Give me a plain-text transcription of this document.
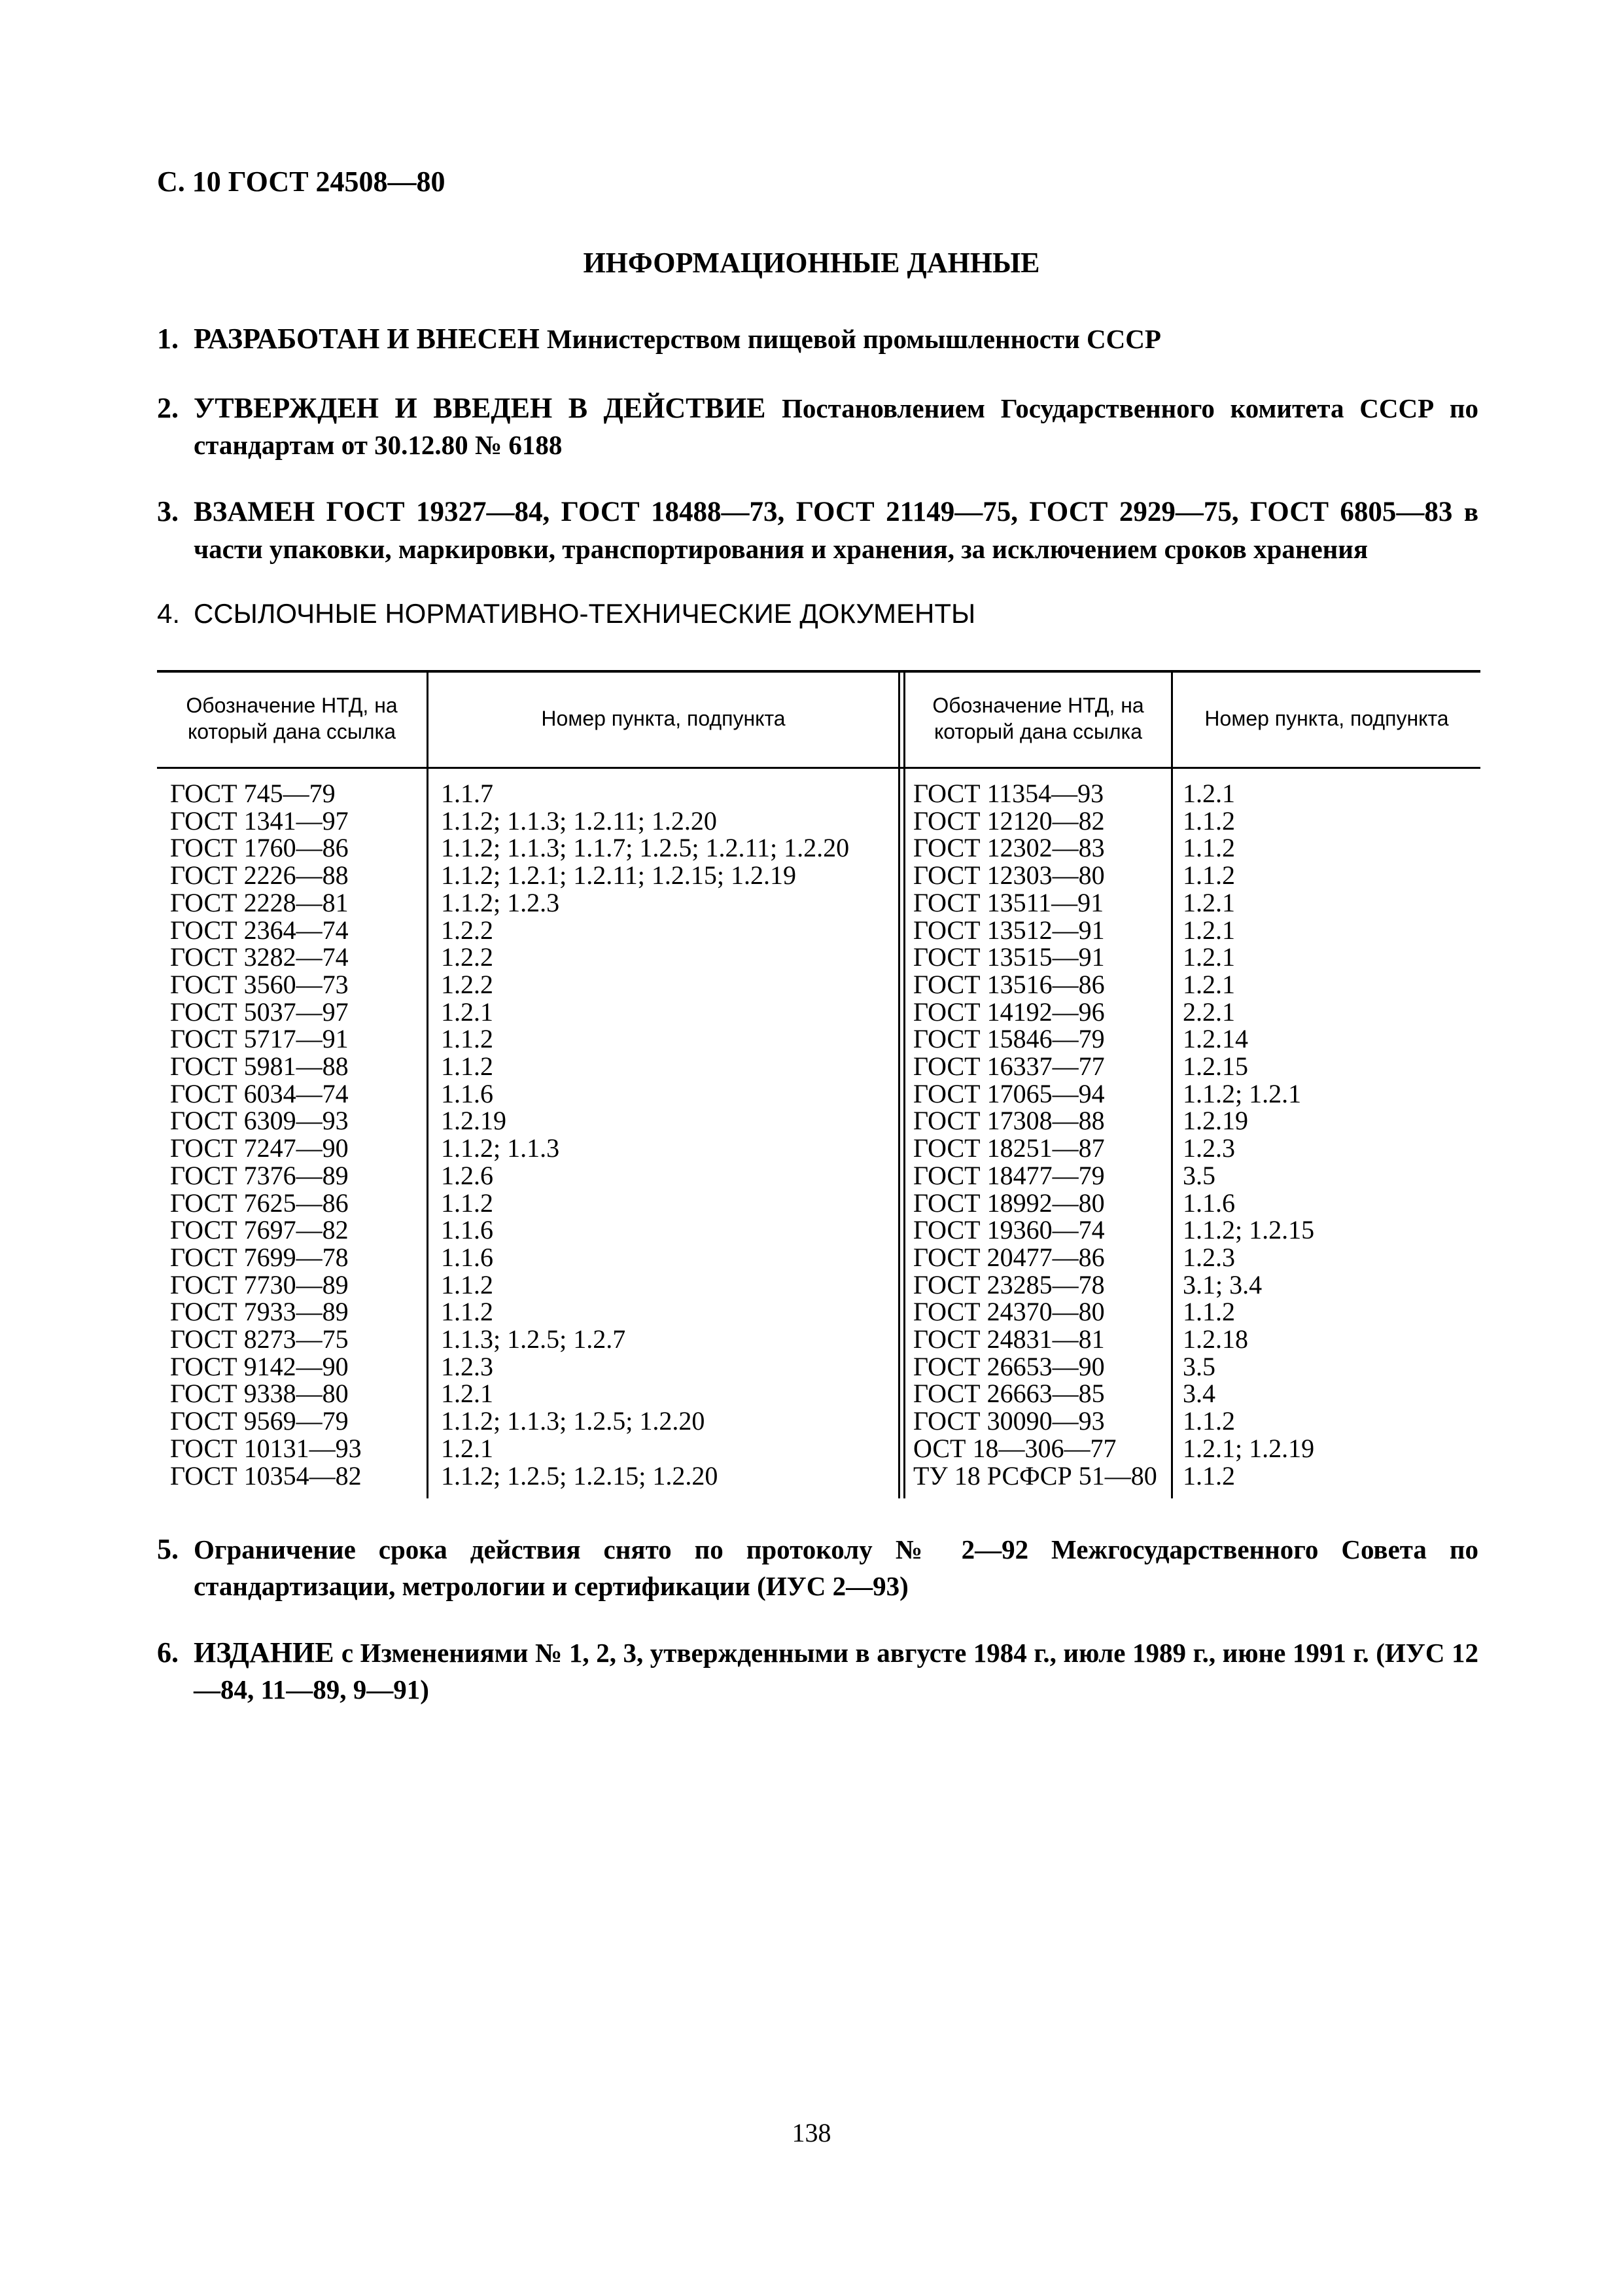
С. 10 ГОСТ 24508—80
ИНФОРМАЦИОННЫЕ ДАННЫЕ
1. РАЗРАБОТАН И ВНЕСЕН Министерством пищевой промышленности СССР
2. УТВЕРЖДЕН И ВВЕДЕН В ДЕЙСТВИЕ Постановлением Государственного комитета СССР по стандартам от 30.12.80 № 6188
3. ВЗАМЕН ГОСТ 19327—84, ГОСТ 18488—73, ГОСТ 21149—75, ГОСТ 2929—75, ГОСТ 6805—83 в части упаковки, маркировки, транспортирования и хранения, за исключением сроков хранения
4. ССЫЛОЧНЫЕ НОРМАТИВНО-ТЕХНИЧЕСКИЕ ДОКУМЕНТЫ
Обозначение НТД, на который дана ссылка
Номер пункта, подпункта
Обозначение НТД, на который дана ссылка
Номер пункта, подпункта
ГОСТ 745—79
ГОСТ 1341—97
ГОСТ 1760—86
ГОСТ 2226—88
ГОСТ 2228—81
ГОСТ 2364—74
ГОСТ 3282—74
ГОСТ 3560—73
ГОСТ 5037—97
ГОСТ 5717—91
ГОСТ 5981—88
ГОСТ 6034—74
ГОСТ 6309—93
ГОСТ 7247—90
ГОСТ 7376—89
ГОСТ 7625—86
ГОСТ 7697—82
ГОСТ 7699—78
ГОСТ 7730—89
ГОСТ 7933—89
ГОСТ 8273—75
ГОСТ 9142—90
ГОСТ 9338—80
ГОСТ 9569—79
ГОСТ 10131—93
ГОСТ 10354—82
1.1.7
1.1.2; 1.1.3; 1.2.11; 1.2.20
1.1.2; 1.1.3; 1.1.7; 1.2.5; 1.2.11; 1.2.20
1.1.2; 1.2.1; 1.2.11; 1.2.15; 1.2.19
1.1.2; 1.2.3
1.2.2
1.2.2
1.2.2
1.2.1
1.1.2
1.1.2
1.1.6
1.2.19
1.1.2; 1.1.3
1.2.6
1.1.2
1.1.6
1.1.6
1.1.2
1.1.2
1.1.3; 1.2.5; 1.2.7
1.2.3
1.2.1
1.1.2; 1.1.3; 1.2.5; 1.2.20
1.2.1
1.1.2; 1.2.5; 1.2.15; 1.2.20
ГОСТ 11354—93
ГОСТ 12120—82
ГОСТ 12302—83
ГОСТ 12303—80
ГОСТ 13511—91
ГОСТ 13512—91
ГОСТ 13515—91
ГОСТ 13516—86
ГОСТ 14192—96
ГОСТ 15846—79
ГОСТ 16337—77
ГОСТ 17065—94
ГОСТ 17308—88
ГОСТ 18251—87
ГОСТ 18477—79
ГОСТ 18992—80
ГОСТ 19360—74
ГОСТ 20477—86
ГОСТ 23285—78
ГОСТ 24370—80
ГОСТ 24831—81
ГОСТ 26653—90
ГОСТ 26663—85
ГОСТ 30090—93
ОСТ 18—306—77
ТУ 18 РСФСР 51—80
1.2.1
1.1.2
1.1.2
1.1.2
1.2.1
1.2.1
1.2.1
1.2.1
2.2.1
1.2.14
1.2.15
1.1.2; 1.2.1
1.2.19
1.2.3
3.5
1.1.6
1.1.2; 1.2.15
1.2.3
3.1; 3.4
1.1.2
1.2.18
3.5
3.4
1.1.2
1.2.1; 1.2.19
1.1.2
5. Ограничение срока действия снято по протоколу № 2—92 Межгосударственного Совета по стандартизации, метрологии и сертификации (ИУС 2—93)
6. ИЗДАНИЕ с Изменениями № 1, 2, 3, утвержденными в августе 1984 г., июле 1989 г., июне 1991 г. (ИУС 12—84, 11—89, 9—91)
138
